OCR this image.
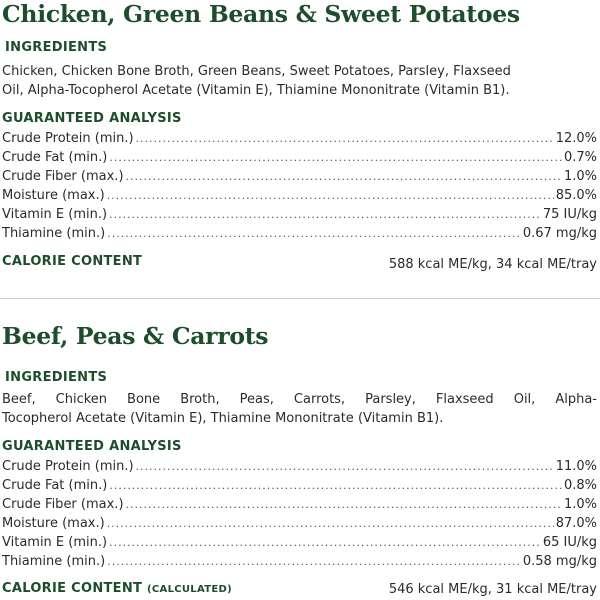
Chicken, Green Beans & Sweet Potatoes
INGREDIENTS

Chicken, Chicken Bone Broth, Green Beans, Sweet Potatoes, Parsley, Flaxseed
Oil, Alpha-Tocopherol Acetate (Vitamin E), Thiamine Mononitrate (Vitamin B1).

GUARANTEED ANALYSIS
Crude Protein (min.) .....	12.0%
Crude Fat (min.) .....	0.7%
Crude Fiber (max.) .....	1.0%
Moisture (max.) .....	85.0%
Vitamin E (min.) .....	75 IU/kg
Thiamine (min.) .....	0.67 mg/kg
CALORIE CONTENT	588 kcal ME/kg, 34 kcal ME/tray
Beef, Peas & Carrots
INGREDIENTS

Beef, Chicken Bone Broth, Peas, Carrots, Parsley, Flaxseed Oil, Alpha-
Tocopherol Acetate (Vitamin E), Thiamine Mononitrate (Vitamin B1).

GUARANTEED ANALYSIS
Crude Protein (min.) .....	11.0%
Crude Fat (min.) .....	0.8%
Crude Fiber (max.) .....	1.0%
Moisture (max.) .....	87.0%
Vitamin E (min.) .....	65 IU/kg
Thiamine (min.) .....	0.58 mg/kg
CALORIE CONTENT (CALCULATED)	546 kcal ME/kg, 31 kcal ME/tray
